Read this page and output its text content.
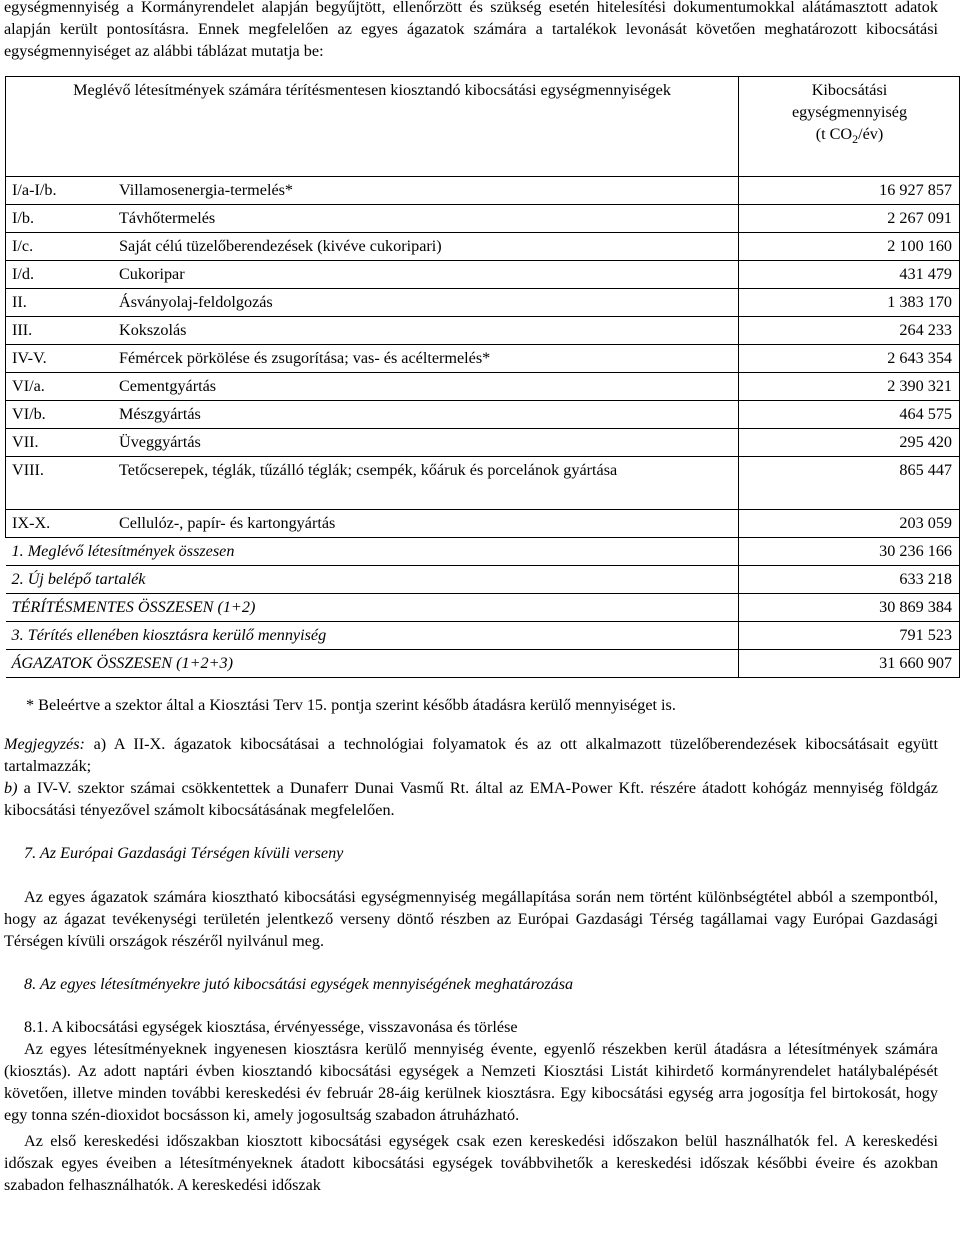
egységmennyiség a Kormányrendelet alapján begyűjtött, ellenőrzött és szükség esetén hitelesítési dokumentumokkal alátámasztott adatok alapján került pontosításra. Ennek megfelelően az egyes ágazatok számára a tartalékok levonását követően meghatározott kibocsátási egységmennyiséget az alábbi táblázat mutatja be:

Meglévő létesítmények számára térítésmentesen kiosztandó kibocsátási egységmennyiségek		Kibocsátási
egységmennyiség
(t $CO_2/év$)
I/a-I/b.	Villamosenergia-termelés*	16 927 857
I/b.	Távhőtermelés	2 267 091
I/c.	Saját célú tüzelőberendezések (kivéve cukoripari)	2 100 160
I/d.	Cukoripar	431 479
II.	Ásványolaj-feldolgozás	1 383 170
III.	Kokszolás	264 233
IV-V.	Fémércek pörkölése és zsugorítása; vas- és acéltermelés*	2 643 354
VI/a.	Cementgyártás	2 390 321
VI/b.	Mészgyártás	464 575
VII.	Üveggyártás	295 420
VIII.	Tetőcserepek, téglák, tűzálló téglák; csempék, kőáruk és porcelánok gyártása	865 447
IX-X.	Cellulóz-, papír- és kartongyártás	203 059
1. Meglévő létesítmények összesen		30 236 166
2. Új belépő tartalék		633 218
TÉRÍTÉSMENTES ÖSSZESEN (1+2)		30 869 384
3. Térítés ellenében kiosztásra kerülő mennyiség		791 523
ÁGAZATOK ÖSSZESEN (1+2+3)		31 660 907

* Beleértve a szektor által a Kiosztási Terv 15. pontja szerint később átadásra kerülő mennyiséget is.

Megjegyzés: a) A II-X. ágazatok kibocsátásai a technológiai folyamatok és az ott alkalmazott tüzelőberendezések kibocsátásait együtt tartalmazzák;

b) a IV-V. szektor számai csökkentettek a Dunaferr Dunai Vasmű Rt. által az EMA-Power Kft. részére átadott kohógáz mennyiség földgáz kibocsátási tényezővel számolt kibocsátásának megfelelően.

7. Az Európai Gazdasági Térségen kívüli verseny

Az egyes ágazatok számára kiosztható kibocsátási egységmennyiség megállapítása során nem történt különbségtétel abból a szempontból, hogy az ágazat tevékenységi területén jelentkező verseny döntő részben az Európai Gazdasági Térség tagállamai vagy Európai Gazdasági Térségen kívüli országok részéről nyilvánul meg.

8. Az egyes létesítményekre jutó kibocsátási egységek mennyiségének meghatározása

8.1. A kibocsátási egységek kiosztása, érvényessége, visszavonása és törlése

Az egyes létesítményeknek ingyenesen kiosztásra kerülő mennyiség évente, egyenlő részekben kerül átadásra a létesítmények számára (kiosztás). Az adott naptári évben kiosztandó kibocsátási egységek a Nemzeti Kiosztási Listát kihirdető kormányrendelet hatálybalépését követően, illetve minden további kereskedési év február 28-áig kerülnek kiosztásra. Egy kibocsátási egység arra jogosítja fel birtokosát, hogy egy tonna szén-dioxidot bocsásson ki, amely jogosultság szabadon átruházható.

Az első kereskedési időszakban kiosztott kibocsátási egységek csak ezen kereskedési időszakon belül használhatók fel. A kereskedési időszak egyes éveiben a létesítményeknek átadott kibocsátási egységek továbbvihetők a kereskedési időszak későbbi éveire és azokban szabadon felhasználhatók. A kereskedési időszak
